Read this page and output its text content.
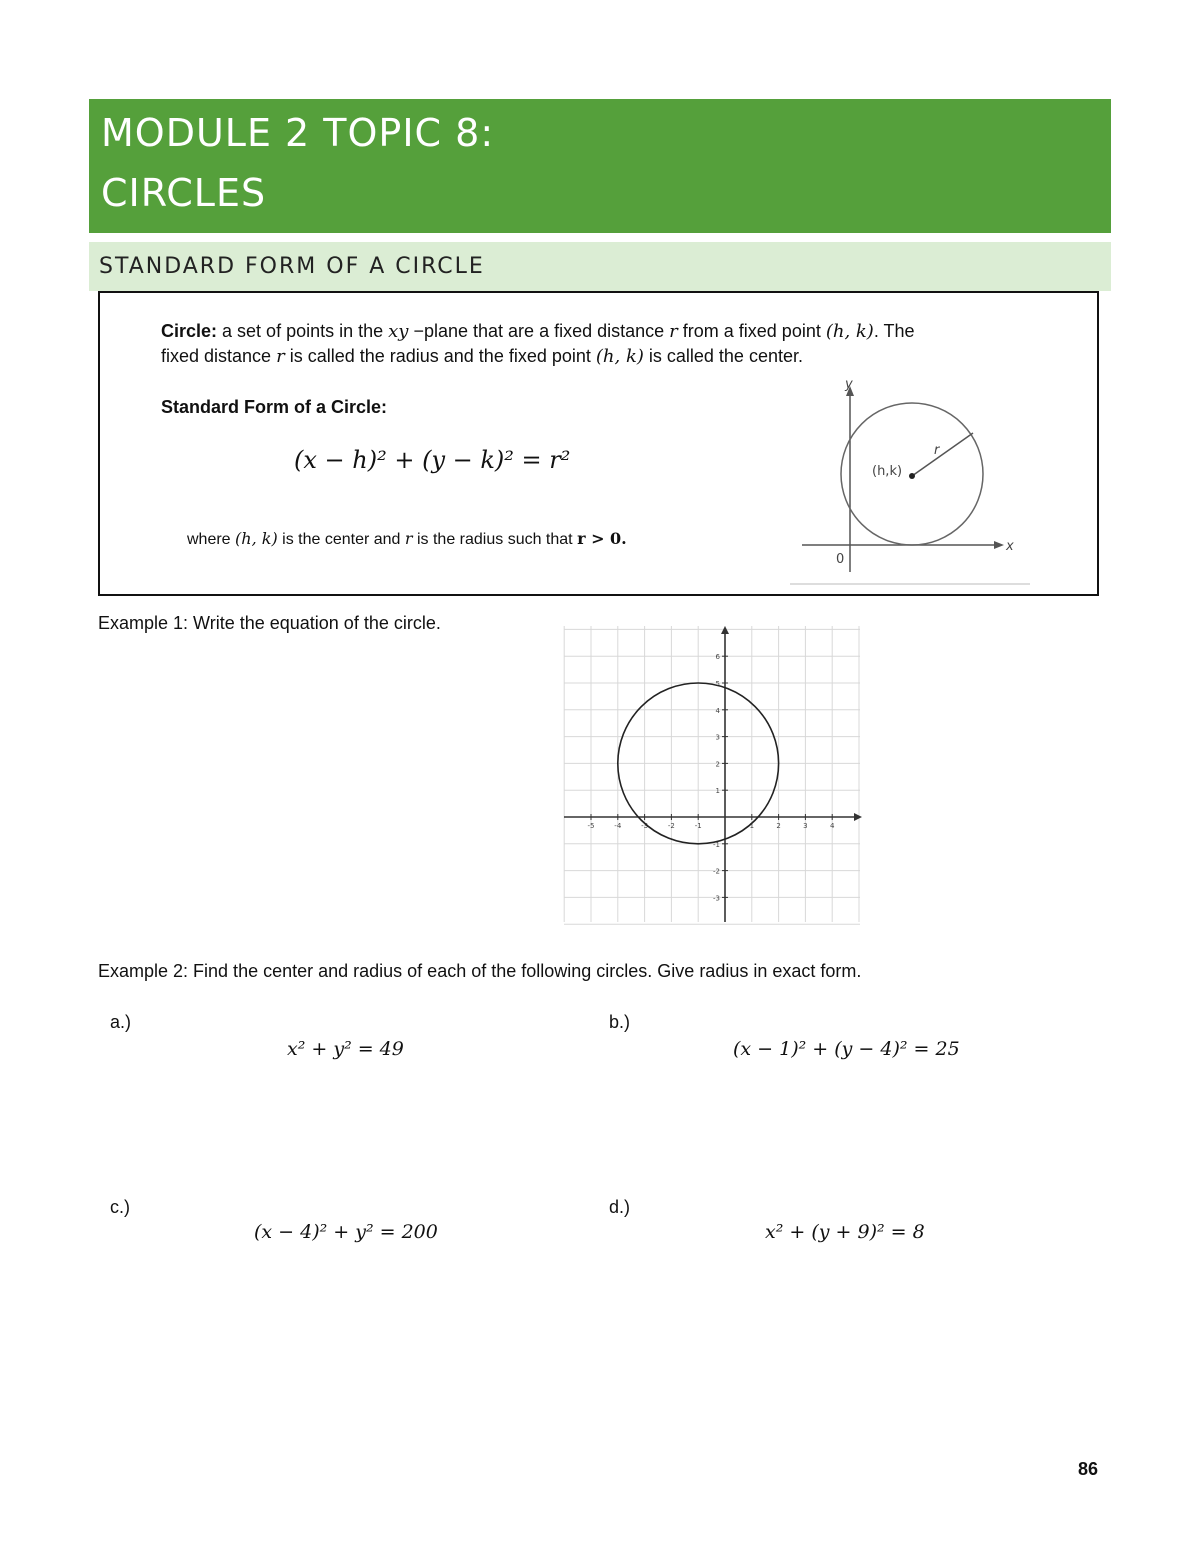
MODULE 2 TOPIC 8:
CIRCLES
STANDARD FORM OF A CIRCLE
Circle: a set of points in the xy −plane that are a fixed distance r from a fixed point (h, k). The
fixed distance r is called the radius and the fixed point (h, k) is called the center.
Standard Form of a Circle:
(x − h)² + (y − k)² = r²
where (h, k) is the center and r is the radius such that r > 0.
y
x
0
(h,k)
r
Example 1: Write the equation of the circle.
-5	-4	-3	-2	-1	1	2	3	4
6
5
4
3
2
1
-1
-2
-3
Example 2: Find the center and radius of each of the following circles. Give radius in exact form.
a.)
x² + y² = 49
b.)
(x − 1)² + (y − 4)² = 25
c.)
(x − 4)² + y² = 200
d.)
x² + (y + 9)² = 8
86
